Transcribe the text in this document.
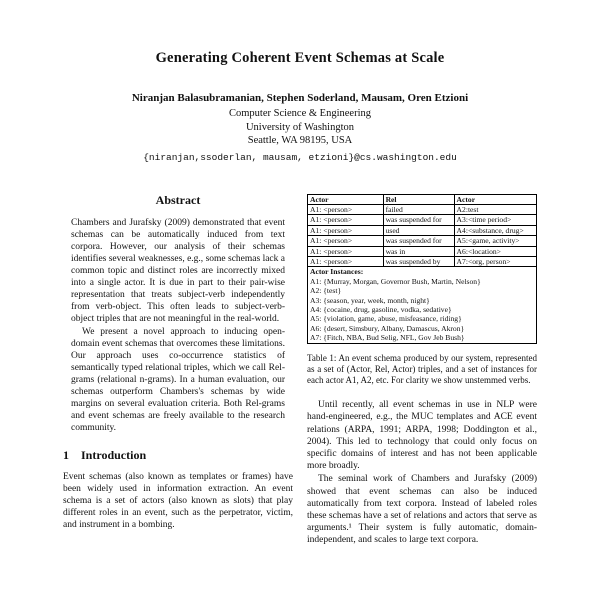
Generating Coherent Event Schemas at Scale
Niranjan Balasubramanian, Stephen Soderland, Mausam, Oren Etzioni
Computer Science & Engineering
University of Washington
Seattle, WA 98195, USA
{niranjan,ssoderlan, mausam, etzioni}@cs.washington.edu
Abstract

Chambers and Jurafsky (2009) demonstrated that event schemas can be automatically induced from text corpora. However, our analysis of their schemas identifies several weaknesses, e.g., some schemas lack a common topic and distinct roles are incorrectly mixed into a single actor. It is due in part to their pair-wise representation that treats subject-verb independently from verb-object. This often leads to subject-verb-object triples that are not meaningful in the real-world.

We present a novel approach to inducing open-domain event schemas that overcomes these limitations. Our approach uses co-occurrence statistics of semantically typed relational triples, which we call Rel-grams (relational n-grams). In a human evaluation, our schemas outperform Chambers's schemas by wide margins on several evaluation criteria. Both Rel-grams and event schemas are freely available to the research community.

1 Introduction

Event schemas (also known as templates or frames) have been widely used in information extraction. An event schema is a set of actors (also known as slots) that play different roles in an event, such as the perpetrator, victim, and instrument in a bombing.

Actor	Rel	Actor
A1: <person>	failed	A2:test
A1: <person>	was suspended for	A3:<time period>
A1: <person>	used	A4:<substance, drug>
A1: <person>	was suspended for	A5:<game, activity>
A1: <person>	was in	A6:<location>
A1: <person>	was suspended by	A7:<org, person>
Actor Instances:		
A1: {Murray, Morgan, Governor Bush, Martin, Nelson}		
A2: {test}		
A3: {season, year, week, month, night}		
A4: {cocaine, drug, gasoline, vodka, sedative}		
A5: {violation, game, abuse, misfeasance, riding}		
A6: {desert, Simsbury, Albany, Damascus, Akron}		
A7: {Fitch, NBA, Bud Selig, NFL, Gov Jeb Bush}		
Table 1: An event schema produced by our system, represented as a set of (Actor, Rel, Actor) triples, and a set of instances for each actor A1, A2, etc. For clarity we show unstemmed verbs.

Until recently, all event schemas in use in NLP were hand-engineered, e.g., the MUC templates and ACE event relations (ARPA, 1991; ARPA, 1998; Doddington et al., 2004). This led to technology that could only focus on specific domains of interest and has not been applicable more broadly.

The seminal work of Chambers and Jurafsky (2009) showed that event schemas can also be induced automatically from text corpora. Instead of labeled roles these schemas have a set of relations and actors that serve as arguments.¹ Their system is fully automatic, domain-independent, and scales to large text corpora.
